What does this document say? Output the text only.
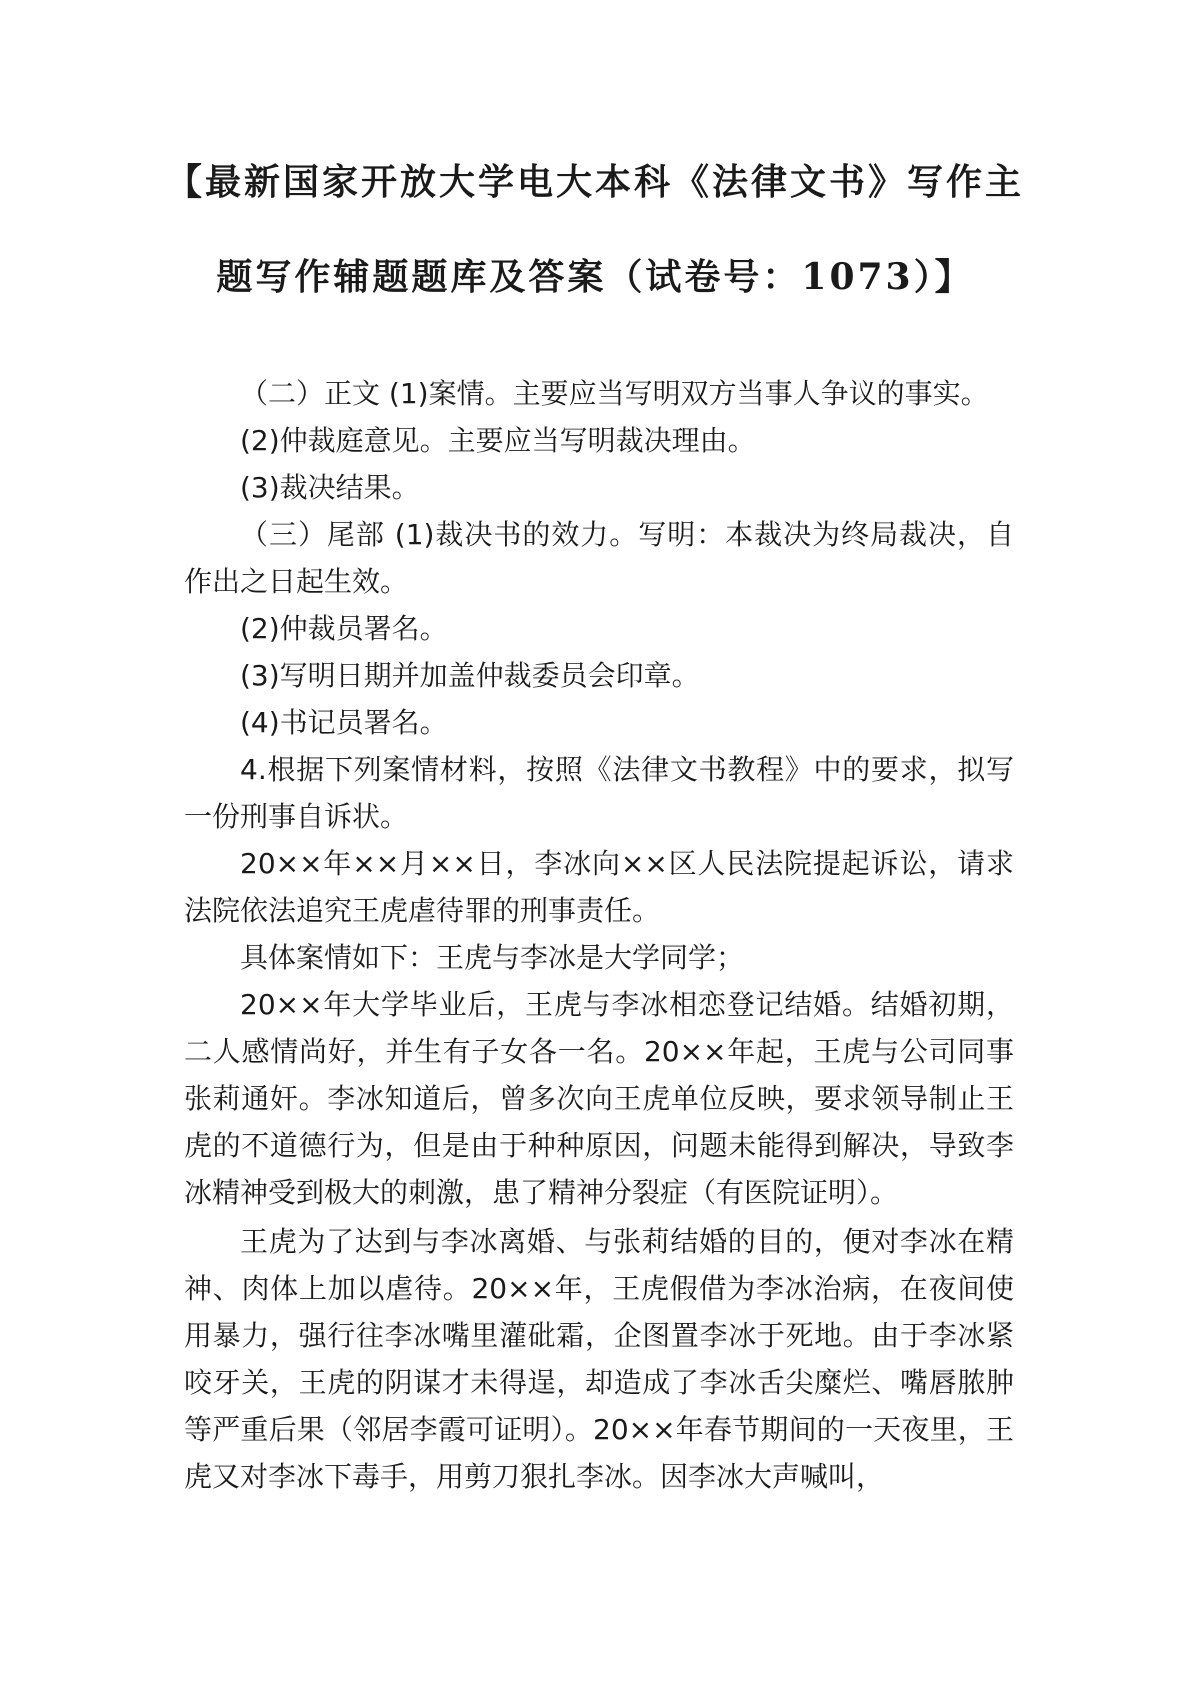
【最新国家开放大学电大本科《法律文书》写作主
题写作辅题题库及答案（试卷号：1073）】

（二）正文 (1)案情。主要应当写明双方当事人争议的事实。

(2)仲裁庭意见。主要应当写明裁决理由。

(3)裁决结果。

（三）尾部 (1)裁决书的效力。写明：本裁决为终局裁决，自作出之日起生效。

(2)仲裁员署名。

(3)写明日期并加盖仲裁委员会印章。

(4)书记员署名。

4.根据下列案情材料，按照《法律文书教程》中的要求，拟写一份刑事自诉状。

20××年××月××日，李冰向××区人民法院提起诉讼，请求法院依法追究王虎虐待罪的刑事责任。

具体案情如下：王虎与李冰是大学同学；

20××年大学毕业后，王虎与李冰相恋登记结婚。结婚初期，二人感情尚好，并生有子女各一名。20××年起，王虎与公司同事张莉通奸。李冰知道后，曾多次向王虎单位反映，要求领导制止王虎的不道德行为，但是由于种种原因，问题未能得到解决，导致李冰精神受到极大的刺激，患了精神分裂症（有医院证明）。

王虎为了达到与李冰离婚、与张莉结婚的目的，便对李冰在精神、肉体上加以虐待。20××年，王虎假借为李冰治病，在夜间使用暴力，强行往李冰嘴里灌砒霜，企图置李冰于死地。由于李冰紧咬牙关，王虎的阴谋才未得逞，却造成了李冰舌尖糜烂、嘴唇脓肿等严重后果（邻居李霞可证明）。20××年春节期间的一天夜里，王虎又对李冰下毒手，用剪刀狠扎李冰。因李冰大声喊叫，
